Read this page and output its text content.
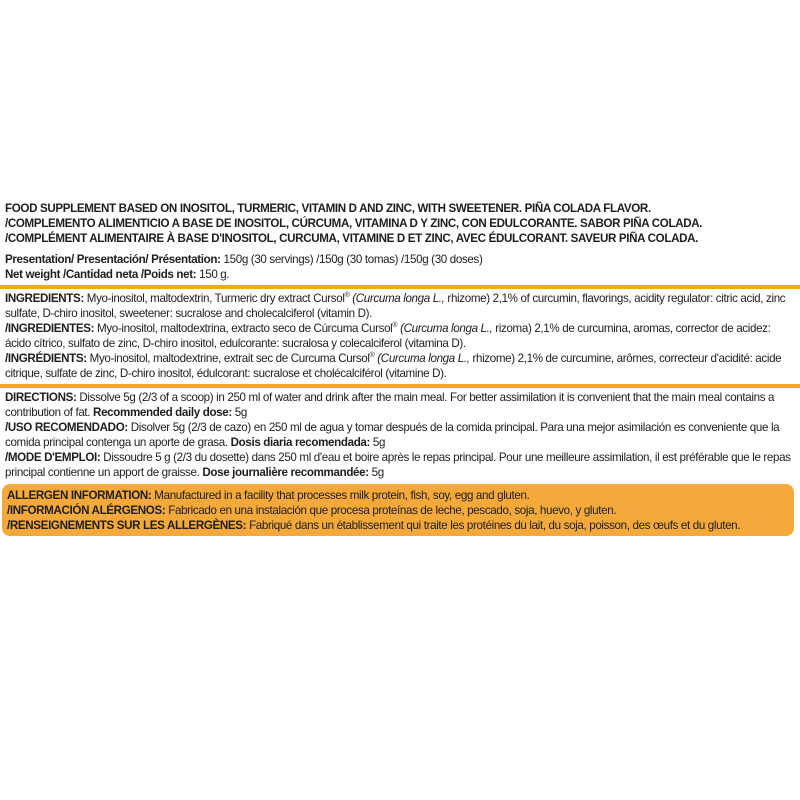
FOOD SUPPLEMENT BASED ON INOSITOL, TURMERIC, VITAMIN D AND ZINC, WITH SWEETENER. PIÑA COLADA FLAVOR.
/COMPLEMENTO ALIMENTICIO A BASE DE INOSITOL, CÚRCUMA, VITAMINA D Y ZINC, CON EDULCORANTE. SABOR PIÑA COLADA.
/COMPLÉMENT ALIMENTAIRE À BASE D'INOSITOL, CURCUMA, VITAMINE D ET ZINC, AVEC ÉDULCORANT. SAVEUR PIÑA COLADA.
Presentation/ Presentación/ Présentation: 150g (30 servings) /150g (30 tomas) /150g (30 doses)
Net weight /Cantidad neta /Poids net: 150 g.
INGREDIENTS: Myo-inositol, maltodextrin, Turmeric dry extract Cursol® (Curcuma longa L., rhizome) 2,1% of curcumin, flavorings, acidity regulator: citric acid, zinc sulfate, D-chiro inositol, sweetener: sucralose and cholecalciferol (vitamin D).
/INGREDIENTES: Myo-inositol, maltodextrina, extracto seco de Cúrcuma Cursol® (Curcuma longa L., rizoma) 2,1% de curcumina, aromas, corrector de acidez: ácido cítrico, sulfato de zinc, D-chiro inositol, edulcorante: sucralosa y colecalciferol (vitamina D).
/INGRÉDIENTS: Myo-inositol, maltodextrine, extrait sec de Curcuma Cursol® (Curcuma longa L., rhizome) 2,1% de curcumine, arômes, correcteur d'acidité: acide citrique, sulfate de zinc, D-chiro inositol, édulcorant: sucralose et cholécalciférol (vitamine D).
DIRECTIONS: Dissolve 5g (2/3 of a scoop) in 250 ml of water and drink after the main meal. For better assimilation it is convenient that the main meal contains a contribution of fat. Recommended daily dose: 5g
/USO RECOMENDADO: Disolver 5g (2/3 de cazo) en 250 ml de agua y tomar después de la comida principal. Para una mejor asimilación es conveniente que la comida principal contenga un aporte de grasa. Dosis diaria recomendada: 5g
/MODE D'EMPLOI: Dissoudre 5 g (2/3 du dosette) dans 250 ml d'eau et boire après le repas principal. Pour une meilleure assimilation, il est préférable que le repas principal contienne un apport de graisse. Dose journalière recommandée: 5g
ALLERGEN INFORMATION: Manufactured in a facility that processes milk protein, fish, soy, egg and gluten.
/INFORMACIÓN ALÉRGENOS: Fabricado en una instalación que procesa proteínas de leche, pescado, soja, huevo, y gluten.
/RENSEIGNEMENTS SUR LES ALLERGÈNES: Fabriqué dans un établissement qui traite les protéines du lait, du soja, poisson, des œufs et du gluten.
